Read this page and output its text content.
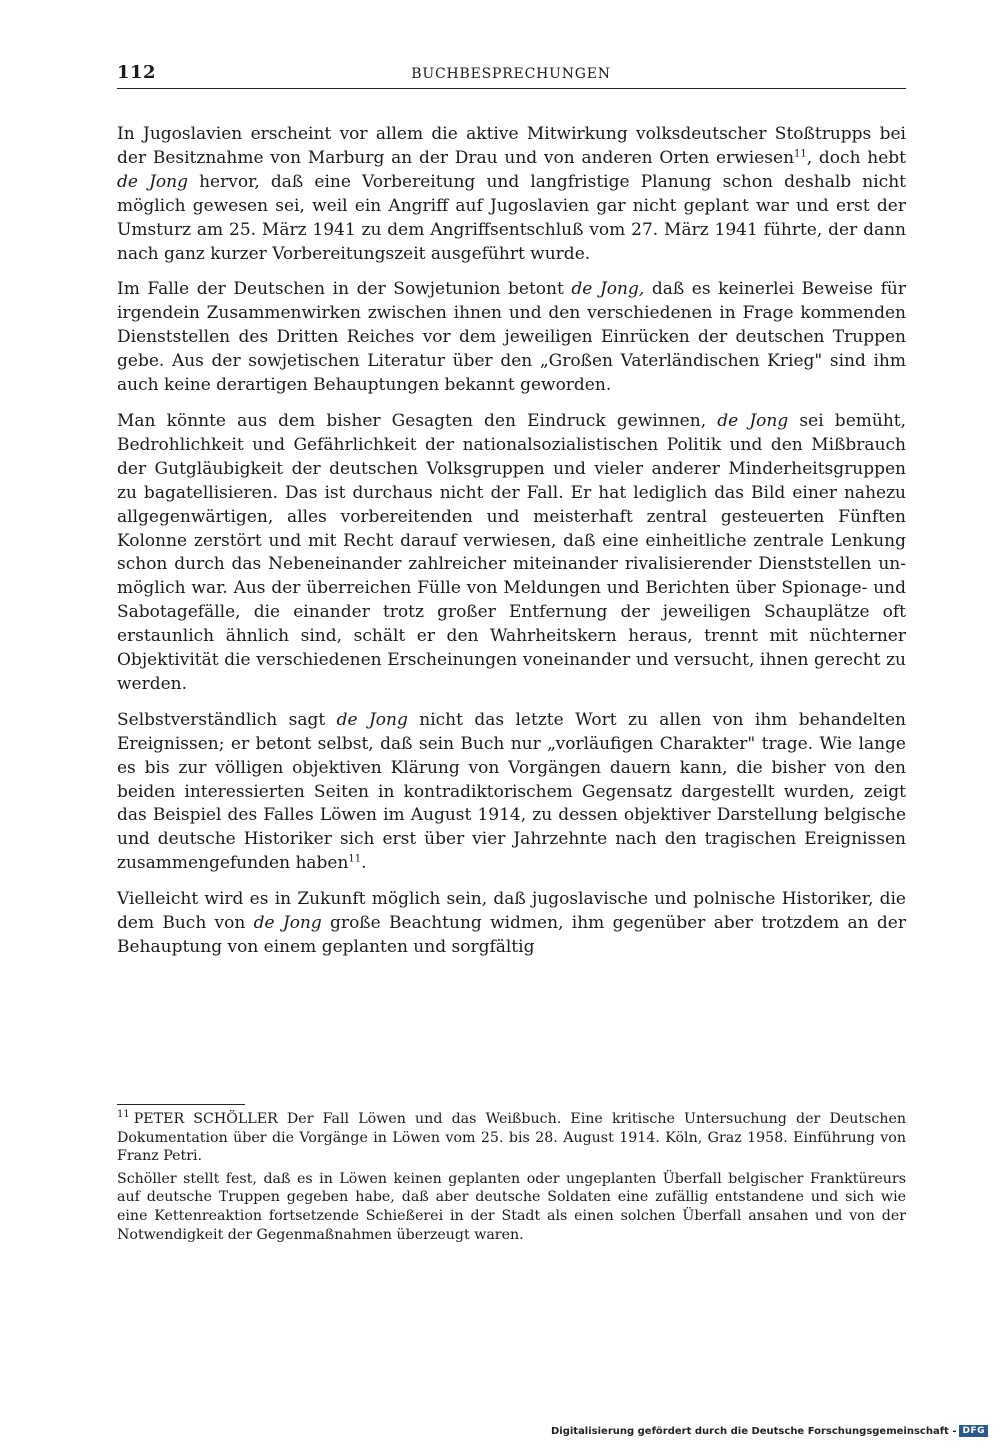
112	BUCHBESPRECHUNGEN

In Jugoslavien erscheint vor allem die aktive Mitwirkung volksdeutscher Stoßtrupps bei der Besitznahme von Marburg an der Drau und von anderen Orten erwiesen$^{11}$, doch hebt de Jong hervor, daß eine Vorbereitung und langfristige Planung schon deshalb nicht möglich gewesen sei, weil ein Angriff auf Jugoslavien gar nicht geplant war und erst der Umsturz am 25. März 1941 zu dem Angriffsentschluß vom 27. März 1941 führte, der dann nach ganz kurzer Vorbereitungszeit ausgeführt wurde.

Im Falle der Deutschen in der Sowjetunion betont de Jong, daß es keinerlei Beweise für irgendein Zusammenwirken zwischen ihnen und den verschiedenen in Frage kommenden Dienststellen des Dritten Reiches vor dem jeweiligen Einrücken der deutschen Truppen gebe. Aus der sowjetischen Literatur über den „Großen Vaterländischen Krieg" sind ihm auch keine derartigen Behauptungen bekannt geworden.

Man könnte aus dem bisher Gesagten den Eindruck gewinnen, de Jong sei bemüht, Bedrohlichkeit und Gefährlichkeit der nationalsozialistischen Politik und den Mißbrauch der Gutgläubigkeit der deutschen Volksgruppen und vieler anderer Minderheitsgruppen zu bagatellisieren. Das ist durchaus nicht der Fall. Er hat lediglich das Bild einer nahezu allgegenwärtigen, alles vorbereitenden und meisterhaft zentral gesteuerten Fünften Kolonne zerstört und mit Recht darauf verwiesen, daß eine einheitliche zentrale Lenkung schon durch das Nebeneinander zahlreicher miteinander rivalisierender Dienststellen unmöglich war. Aus der überreichen Fülle von Meldungen und Berichten über Spionage- und Sabotagefälle, die einander trotz großer Entfernung der jeweiligen Schauplätze oft erstaunlich ähnlich sind, schält er den Wahrheitskern heraus, trennt mit nüchterner Objektivität die verschiedenen Erscheinungen voneinander und versucht, ihnen gerecht zu werden.

Selbstverständlich sagt de Jong nicht das letzte Wort zu allen von ihm behandelten Ereignissen; er betont selbst, daß sein Buch nur „vorläufigen Charakter" trage. Wie lange es bis zur völligen objektiven Klärung von Vorgängen dauern kann, die bisher von den beiden interessierten Seiten in kontradiktorischem Gegensatz dargestellt wurden, zeigt das Beispiel des Falles Löwen im August 1914, zu dessen objektiver Darstellung belgische und deutsche Historiker sich erst über vier Jahrzehnte nach den tragischen Ereignissen zusammengefunden haben$^{11}$.

Vielleicht wird es in Zukunft möglich sein, daß jugoslavische und polnische Historiker, die dem Buch von de Jong große Beachtung widmen, ihm gegenüber aber trotzdem an der Behauptung von einem geplanten und sorgfältig

$^{11}$ PETER SCHÖLLER Der Fall Löwen und das Weißbuch. Eine kritische Untersuchung der Deutschen Dokumentation über die Vorgänge in Löwen vom 25. bis 28. August 1914. Köln, Graz 1958. Einführung von Franz Petri.

Schöller stellt fest, daß es in Löwen keinen geplanten oder ungeplanten Überfall belgischer Franktüreurs auf deutsche Truppen gegeben habe, daß aber deutsche Soldaten eine zufällig entstandene und sich wie eine Kettenreaktion fortsetzende Schießerei in der Stadt als einen solchen Überfall ansahen und von der Notwendigkeit der Gegenmaßnahmen überzeugt waren.

Digitalisierung gefördert durch die Deutsche Forschungsgemeinschaft - DFG
